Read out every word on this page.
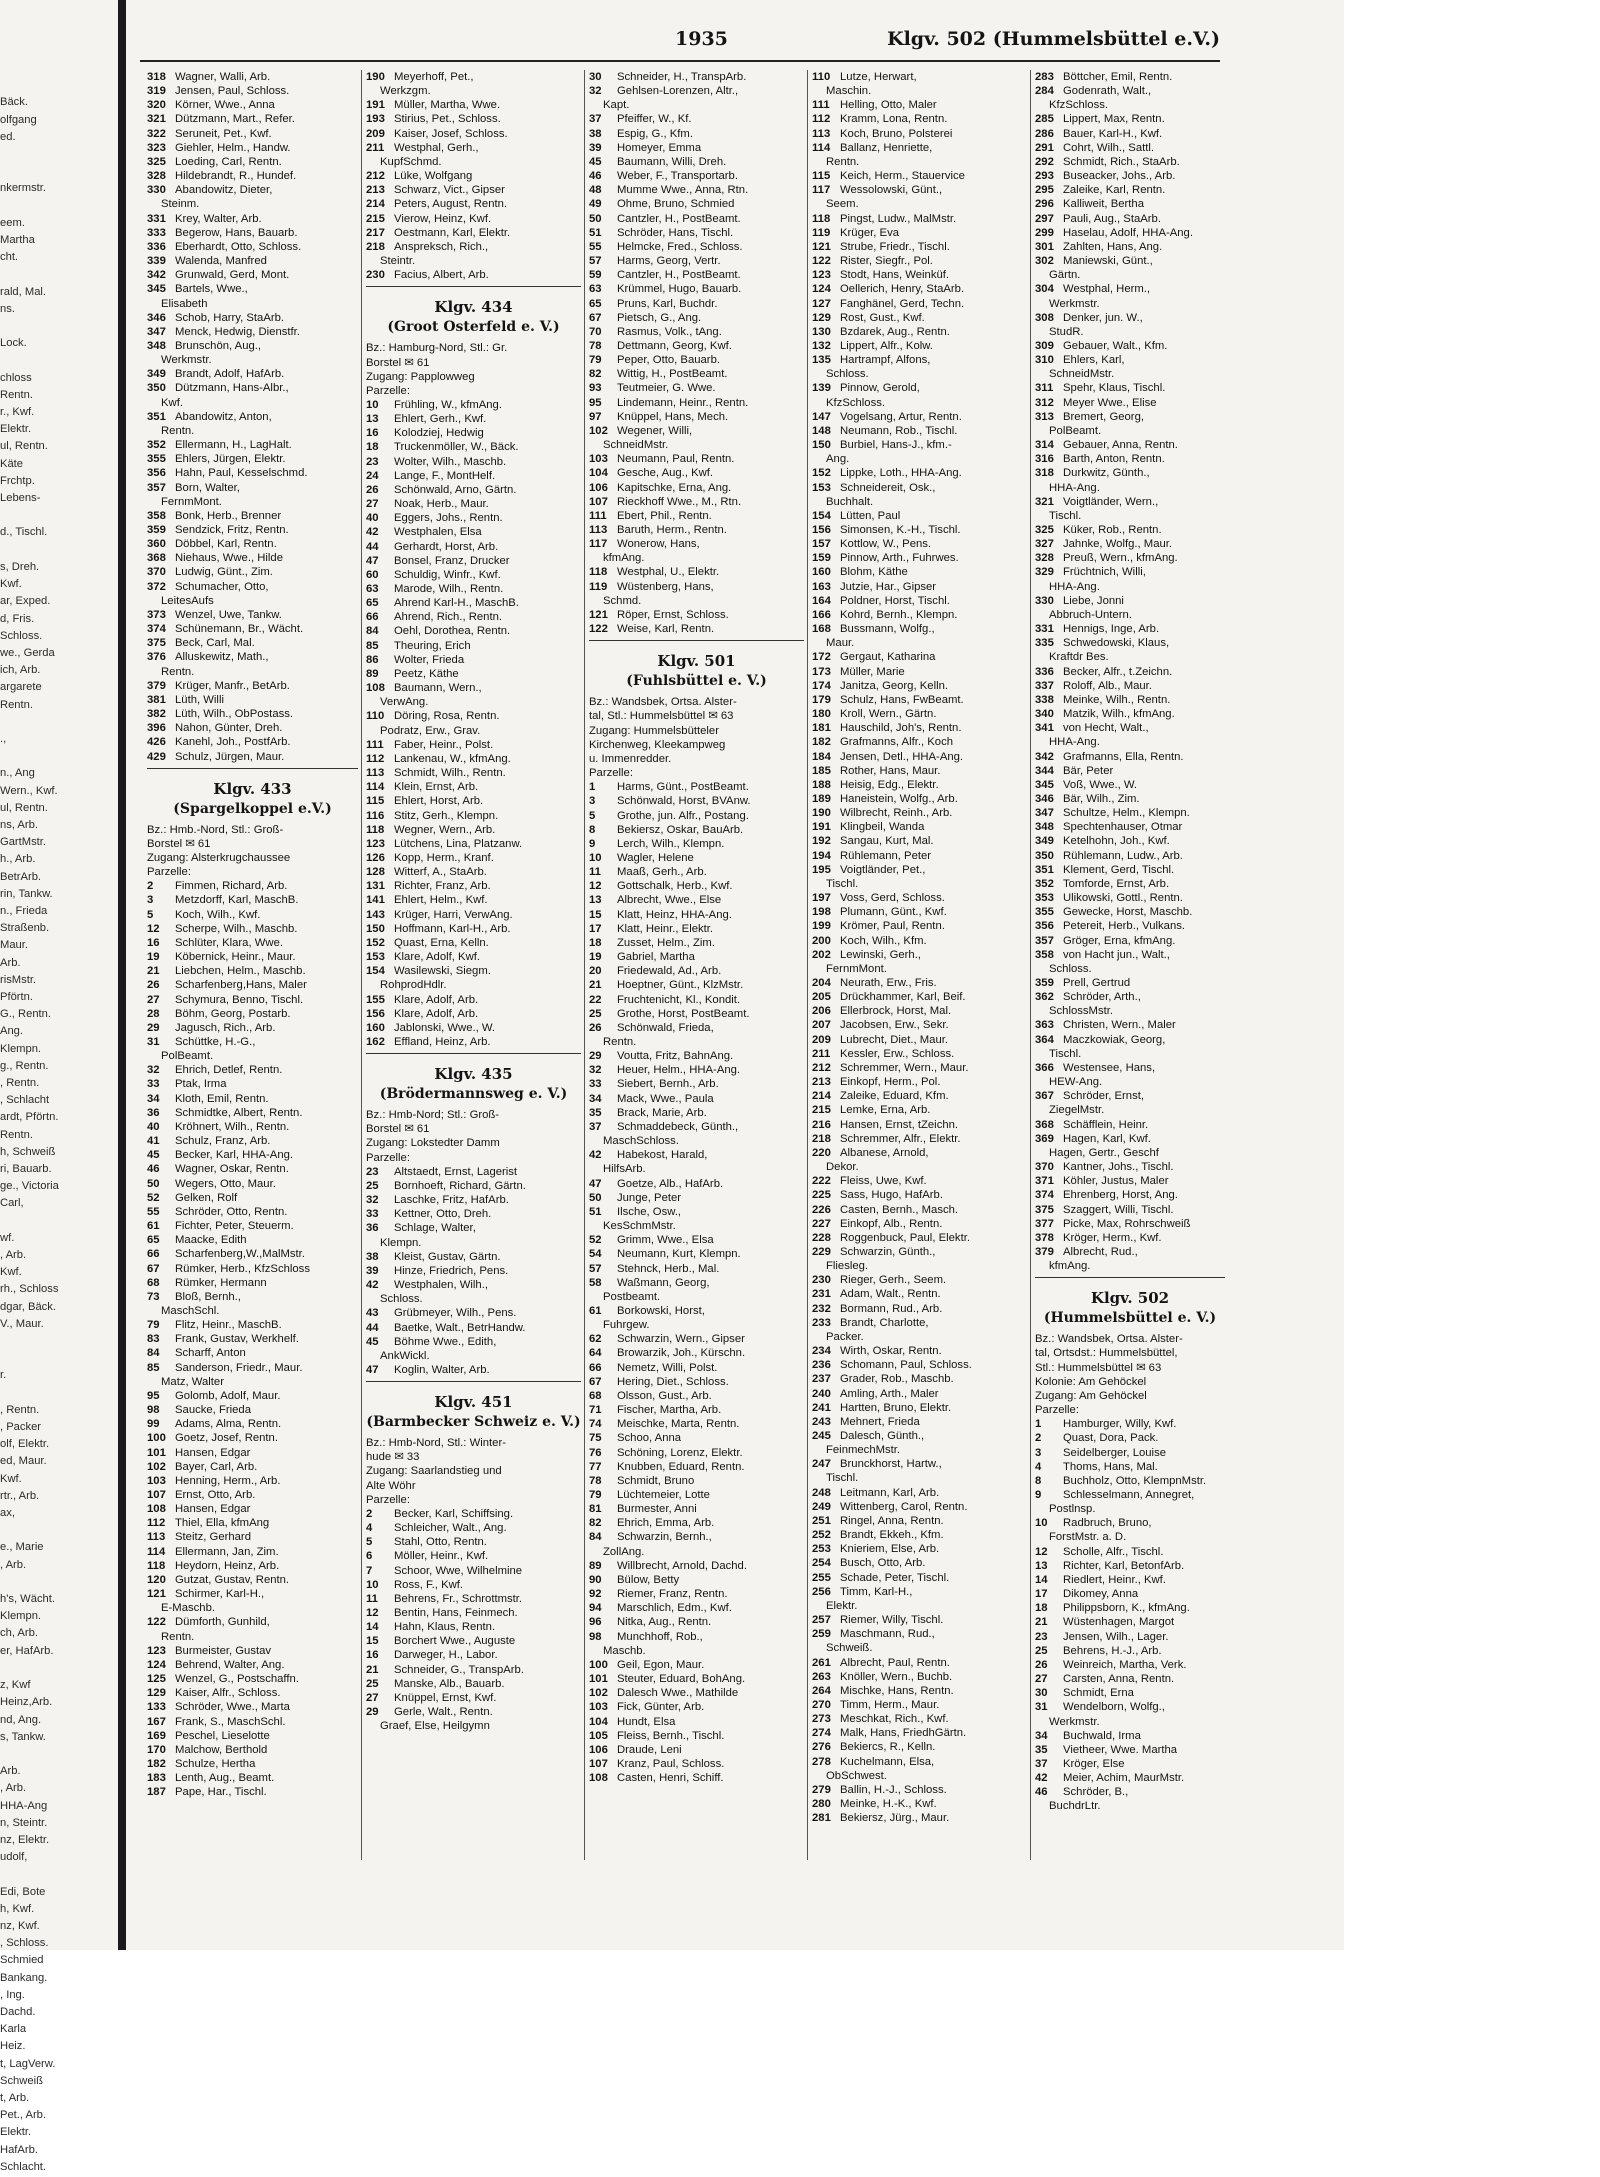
Bäck.
olfgang
ed.

nkermstr.

eem.
Martha
cht.

rald, Mal.
ns.

Lock.

chloss
Rentn.
r., Kwf.
Elektr.
ul, Rentn.
Käte
Frchtp.
Lebens-

d., Tischl.

s, Dreh.
Kwf.
ar, Exped.
d, Fris.
Schloss.
we., Gerda
ich, Arb.
argarete
Rentn.

.,

n., Ang
Wern., Kwf.
ul, Rentn.
ns, Arb.
GartMstr.
h., Arb.
BetrArb.
rin, Tankw.
n., Frieda
Straßenb.
Maur.
Arb.
risMstr.
Pförtn.
G., Rentn.
Ang.
Klempn.
g., Rentn.
, Rentn.
, Schlacht
ardt, Pförtn.
Rentn.
h, Schweiß
ri, Bauarb.
ge., Victoria
Carl,

wf.
, Arb.
Kwf.
rh., Schloss
dgar, Bäck.
V., Maur.

r.

, Rentn.
, Packer
olf, Elektr.
ed, Maur.
Kwf.
rtr., Arb.
ax,

e., Marie
, Arb.

h's, Wächt.
Klempn.
ch, Arb.
er, HafArb.

z, Kwf
Heinz,Arb.
nd, Ang.
s, Tankw.

Arb.
, Arb.
HHA-Ang
n, Steintr.
nz, Elektr.
udolf,

Edi, Bote
h, Kwf.
nz, Kwf.
, Schloss.
Schmied
Bankang.
, Ing.
Dachd.
Karla
Heiz.
t, LagVerw.
Schweiß
t, Arb.
Pet., Arb.
Elektr.
HafArb.
Schlacht.
1935	Klgv. 502 (Hummelsbüttel e.V.)
318 Wagner, Walli, Arb.
319 Jensen, Paul, Schloss.
320 Körner, Wwe., Anna
321 Dützmann, Mart., Refer.
322 Seruneit, Pet., Kwf.
323 Giehler, Helm., Handw.
325 Loeding, Carl, Rentn.
328 Hildebrandt, R., Hundef.
330 Abandowitz, Dieter,
Steinm.
331 Krey, Walter, Arb.
333 Begerow, Hans, Bauarb.
336 Eberhardt, Otto, Schloss.
339 Walenda, Manfred
342 Grunwald, Gerd, Mont.
345 Bartels, Wwe.,
Elisabeth
346 Schob, Harry, StaArb.
347 Menck, Hedwig, Dienstfr.
348 Brunschön, Aug.,
Werkmstr.
349 Brandt, Adolf, HafArb.
350 Dützmann, Hans-Albr.,
Kwf.
351 Abandowitz, Anton,
Rentn.
352 Ellermann, H., LagHalt.
355 Ehlers, Jürgen, Elektr.
356 Hahn, Paul, Kesselschmd.
357 Born, Walter,
FernmMont.
358 Bonk, Herb., Brenner
359 Sendzick, Fritz, Rentn.
360 Döbbel, Karl, Rentn.
368 Niehaus, Wwe., Hilde
370 Ludwig, Günt., Zim.
372 Schumacher, Otto,
LeitesAufs
373 Wenzel, Uwe, Tankw.
374 Schünemann, Br., Wächt.
375 Beck, Carl, Mal.
376 Alluskewitz, Math.,
Rentn.
379 Krüger, Manfr., BetArb.
381 Lüth, Willi
382 Lüth, Wilh., ObPostass.
396 Nahon, Günter, Dreh.
426 Kanehl, Joh., PostfArb.
429 Schulz, Jürgen, Maur.
Klgv. 433
(Spargelkoppel e.V.)
Bz.: Hmb.-Nord, Stl.: Groß-
Borstel ✉ 61
Zugang: Alsterkrugchaussee
Parzelle:
2 Fimmen, Richard, Arb.
3 Metzdorff, Karl, MaschB.
5 Koch, Wilh., Kwf.
12 Scherpe, Wilh., Maschb.
16 Schlüter, Klara, Wwe.
19 Köbernick, Heinr., Maur.
21 Liebchen, Helm., Maschb.
26 Scharfenberg,Hans, Maler
27 Schymura, Benno, Tischl.
28 Böhm, Georg, Postarb.
29 Jagusch, Rich., Arb.
31 Schüttke, H.-G.,
PolBeamt.
32 Ehrich, Detlef, Rentn.
33 Ptak, Irma
34 Kloth, Emil, Rentn.
36 Schmidtke, Albert, Rentn.
40 Kröhnert, Wilh., Rentn.
41 Schulz, Franz, Arb.
45 Becker, Karl, HHA-Ang.
46 Wagner, Oskar, Rentn.
50 Wegers, Otto, Maur.
52 Gelken, Rolf
55 Schröder, Otto, Rentn.
61 Fichter, Peter, Steuerm.
65 Maacke, Edith
66 Scharfenberg,W.,MalMstr.
67 Rümker, Herb., KfzSchloss
68 Rümker, Hermann
73 Bloß, Bernh.,
MaschSchl.
79 Flitz, Heinr., MaschB.
83 Frank, Gustav, Werkhelf.
84 Scharff, Anton
85 Sanderson, Friedr., Maur.
Matz, Walter
95 Golomb, Adolf, Maur.
98 Saucke, Frieda
99 Adams, Alma, Rentn.
100 Goetz, Josef, Rentn.
101 Hansen, Edgar
102 Bayer, Carl, Arb.
103 Henning, Herm., Arb.
107 Ernst, Otto, Arb.
108 Hansen, Edgar
112 Thiel, Ella, kfmAng
113 Steitz, Gerhard
114 Ellermann, Jan, Zim.
118 Heydorn, Heinz, Arb.
120 Gutzat, Gustav, Rentn.
121 Schirmer, Karl-H.,
E-Maschb.
122 Dümforth, Gunhild,
Rentn.
123 Burmeister, Gustav
124 Behrend, Walter, Ang.
125 Wenzel, G., Postschaffn.
129 Kaiser, Alfr., Schloss.
133 Schröder, Wwe., Marta
167 Frank, S., MaschSchl.
169 Peschel, Lieselotte
170 Malchow, Berthold
182 Schulze, Hertha
183 Lenth, Aug., Beamt.
187 Pape, Har., Tischl.
190 Meyerhoff, Pet.,
Werkzgm.
191 Müller, Martha, Wwe.
193 Stirius, Pet., Schloss.
209 Kaiser, Josef, Schloss.
211 Westphal, Gerh.,
KupfSchmd.
212 Lüke, Wolfgang
213 Schwarz, Vict., Gipser
214 Peters, August, Rentn.
215 Vierow, Heinz, Kwf.
217 Oestmann, Karl, Elektr.
218 Anspreksch, Rich.,
Steintr.
230 Facius, Albert, Arb.
Klgv. 434
(Groot Osterfeld e. V.)
Bz.: Hamburg-Nord, Stl.: Gr.
Borstel ✉ 61
Zugang: Papplowweg
Parzelle:
10 Frühling, W., kfmAng.
13 Ehlert, Gerh., Kwf.
16 Kolodziej, Hedwig
18 Truckenmöller, W., Bäck.
23 Wolter, Wilh., Maschb.
24 Lange, F., MontHelf.
26 Schönwald, Arno, Gärtn.
27 Noak, Herb., Maur.
40 Eggers, Johs., Rentn.
42 Westphalen, Elsa
44 Gerhardt, Horst, Arb.
47 Bonsel, Franz, Drucker
60 Schuldig, Winfr., Kwf.
63 Marode, Wilh., Rentn.
65 Ahrend Karl-H., MaschB.
66 Ahrend, Rich., Rentn.
84 Oehl, Dorothea, Rentn.
85 Theuring, Erich
86 Wolter, Frieda
89 Peetz, Käthe
108 Baumann, Wern.,
VerwAng.
110 Döring, Rosa, Rentn.
Podratz, Erw., Grav.
111 Faber, Heinr., Polst.
112 Lankenau, W., kfmAng.
113 Schmidt, Wilh., Rentn.
114 Klein, Ernst, Arb.
115 Ehlert, Horst, Arb.
116 Stitz, Gerh., Klempn.
118 Wegner, Wern., Arb.
123 Lütchens, Lina, Platzanw.
126 Kopp, Herm., Kranf.
128 Witterf, A., StaArb.
131 Richter, Franz, Arb.
141 Ehlert, Helm., Kwf.
143 Krüger, Harri, VerwAng.
150 Hoffmann, Karl-H., Arb.
152 Quast, Erna, Kelln.
153 Klare, Adolf, Kwf.
154 Wasilewski, Siegm.
RohprodHdlr.
155 Klare, Adolf, Arb.
156 Klare, Adolf, Arb.
160 Jablonski, Wwe., W.
162 Effland, Heinz, Arb.
Klgv. 435
(Brödermannsweg e. V.)
Bz.: Hmb-Nord; Stl.: Groß-
Borstel ✉ 61
Zugang: Lokstedter Damm
Parzelle:
23 Altstaedt, Ernst, Lagerist
25 Bornhoeft, Richard, Gärtn.
32 Laschke, Fritz, HafArb.
33 Kettner, Otto, Dreh.
36 Schlage, Walter,
Klempn.
38 Kleist, Gustav, Gärtn.
39 Hinze, Friedrich, Pens.
42 Westphalen, Wilh.,
Schloss.
43 Grübmeyer, Wilh., Pens.
44 Baetke, Walt., BetrHandw.
45 Böhme Wwe., Edith,
AnkWickl.
47 Koglin, Walter, Arb.
Klgv. 451
(Barmbecker Schweiz e. V.)
Bz.: Hmb-Nord, Stl.: Winter-
hude ✉ 33
Zugang: Saarlandstieg und
Alte Wöhr
Parzelle:
2 Becker, Karl, Schiffsing.
4 Schleicher, Walt., Ang.
5 Stahl, Otto, Rentn.
6 Möller, Heinr., Kwf.
7 Schoor, Wwe, Wilhelmine
10 Ross, F., Kwf.
11 Behrens, Fr., Schrottmstr.
12 Bentin, Hans, Feinmech.
14 Hahn, Klaus, Rentn.
15 Borchert Wwe., Auguste
16 Darweger, H., Labor.
21 Schneider, G., TranspArb.
25 Manske, Alb., Bauarb.
27 Knüppel, Ernst, Kwf.
29 Gerle, Walt., Rentn.
Graef, Else, Heilgymn
30 Schneider, H., TranspArb.
32 Gehlsen-Lorenzen, Altr.,
Kapt.
37 Pfeiffer, W., Kf.
38 Espig, G., Kfm.
39 Homeyer, Emma
45 Baumann, Willi, Dreh.
46 Weber, F., Transportarb.
48 Mumme Wwe., Anna, Rtn.
49 Ohme, Bruno, Schmied
50 Cantzler, H., PostBeamt.
51 Schröder, Hans, Tischl.
55 Helmcke, Fred., Schloss.
57 Harms, Georg, Vertr.
59 Cantzler, H., PostBeamt.
63 Krümmel, Hugo, Bauarb.
65 Pruns, Karl, Buchdr.
67 Pietsch, G., Ang.
70 Rasmus, Volk., tAng.
78 Dettmann, Georg, Kwf.
79 Peper, Otto, Bauarb.
82 Wittig, H., PostBeamt.
93 Teutmeier, G. Wwe.
95 Lindemann, Heinr., Rentn.
97 Knüppel, Hans, Mech.
102 Wegener, Willi,
SchneidMstr.
103 Neumann, Paul, Rentn.
104 Gesche, Aug., Kwf.
106 Kapitschke, Erna, Ang.
107 Rieckhoff Wwe., M., Rtn.
111 Ebert, Phil., Rentn.
113 Baruth, Herm., Rentn.
117 Wonerow, Hans,
kfmAng.
118 Westphal, U., Elektr.
119 Wüstenberg, Hans,
Schmd.
121 Röper, Ernst, Schloss.
122 Weise, Karl, Rentn.
Klgv. 501
(Fuhlsbüttel e. V.)
Bz.: Wandsbek, Ortsa. Alster-
tal, Stl.: Hummelsbüttel ✉ 63
Zugang: Hummelsbütteler
Kirchenweg, Kleekampweg
u. Immenredder.
Parzelle:
1 Harms, Günt., PostBeamt.
3 Schönwald, Horst, BVAnw.
5 Grothe, jun. Alfr., Postang.
8 Bekiersz, Oskar, BauArb.
9 Lerch, Wilh., Klempn.
10 Wagler, Helene
11 Maaß, Gerh., Arb.
12 Gottschalk, Herb., Kwf.
13 Albrecht, Wwe., Else
15 Klatt, Heinz, HHA-Ang.
17 Klatt, Heinr., Elektr.
18 Zusset, Helm., Zim.
19 Gabriel, Martha
20 Friedewald, Ad., Arb.
21 Hoeptner, Günt., KlzMstr.
22 Fruchtenicht, Kl., Kondit.
25 Grothe, Horst, PostBeamt.
26 Schönwald, Frieda,
Rentn.
29 Voutta, Fritz, BahnAng.
32 Heuer, Helm., HHA-Ang.
33 Siebert, Bernh., Arb.
34 Mack, Wwe., Paula
35 Brack, Marie, Arb.
37 Schmaddebeck, Günth.,
MaschSchloss.
42 Habekost, Harald,
HilfsArb.
47 Goetze, Alb., HafArb.
50 Junge, Peter
51 Ilsche, Osw.,
KesSchmMstr.
52 Grimm, Wwe., Elsa
54 Neumann, Kurt, Klempn.
57 Stehnck, Herb., Mal.
58 Waßmann, Georg,
Postbeamt.
61 Borkowski, Horst,
Fuhrgew.
62 Schwarzin, Wern., Gipser
64 Browarzik, Joh., Kürschn.
66 Nemetz, Willi, Polst.
67 Hering, Diet., Schloss.
68 Olsson, Gust., Arb.
71 Fischer, Martha, Arb.
74 Meischke, Marta, Rentn.
75 Schoo, Anna
76 Schöning, Lorenz, Elektr.
77 Knubben, Eduard, Rentn.
78 Schmidt, Bruno
79 Lüchtemeier, Lotte
81 Burmester, Anni
82 Ehrich, Emma, Arb.
84 Schwarzin, Bernh.,
ZollAng.
89 Willbrecht, Arnold, Dachd.
90 Bülow, Betty
92 Riemer, Franz, Rentn.
94 Marschlich, Edm., Kwf.
96 Nitka, Aug., Rentn.
98 Munchhoff, Rob.,
Maschb.
100 Geil, Egon, Maur.
101 Steuter, Eduard, BohAng.
102 Dalesch Wwe., Mathilde
103 Fick, Günter, Arb.
104 Hundt, Elsa
105 Fleiss, Bernh., Tischl.
106 Draude, Leni
107 Kranz, Paul, Schloss.
108 Casten, Henri, Schiff.
110 Lutze, Herwart,
Maschin.
111 Helling, Otto, Maler
112 Kramm, Lona, Rentn.
113 Koch, Bruno, Polsterei
114 Ballanz, Henriette,
Rentn.
115 Keich, Herm., Stauervice
117 Wessolowski, Günt.,
Seem.
118 Pingst, Ludw., MalMstr.
119 Krüger, Eva
121 Strube, Friedr., Tischl.
122 Rister, Siegfr., Pol.
123 Stodt, Hans, Weinküf.
124 Oellerich, Henry, StaArb.
127 Fanghänel, Gerd, Techn.
129 Rost, Gust., Kwf.
130 Bzdarek, Aug., Rentn.
132 Lippert, Alfr., Kolw.
135 Hartrampf, Alfons,
Schloss.
139 Pinnow, Gerold,
KfzSchloss.
147 Vogelsang, Artur, Rentn.
148 Neumann, Rob., Tischl.
150 Burbiel, Hans-J., kfm.-
Ang.
152 Lippke, Loth., HHA-Ang.
153 Schneidereit, Osk.,
Buchhalt.
154 Lütten, Paul
156 Simonsen, K.-H., Tischl.
157 Kottlow, W., Pens.
159 Pinnow, Arth., Fuhrwes.
160 Blohm, Käthe
163 Jutzie, Har., Gipser
164 Poldner, Horst, Tischl.
166 Kohrd, Bernh., Klempn.
168 Bussmann, Wolfg.,
Maur.
172 Gergaut, Katharina
173 Müller, Marie
174 Janitza, Georg, Kelln.
179 Schulz, Hans, FwBeamt.
180 Kroll, Wern., Gärtn.
181 Hauschild, Joh's, Rentn.
182 Grafmanns, Alfr., Koch
184 Jensen, Detl., HHA-Ang.
185 Rother, Hans, Maur.
188 Heisig, Edg., Elektr.
189 Haneistein, Wolfg., Arb.
190 Wilbrecht, Reinh., Arb.
191 Klingbeil, Wanda
192 Sangau, Kurt, Mal.
194 Rühlemann, Peter
195 Voigtländer, Pet.,
Tischl.
197 Voss, Gerd, Schloss.
198 Plumann, Günt., Kwf.
199 Krömer, Paul, Rentn.
200 Koch, Wilh., Kfm.
202 Lewinski, Gerh.,
FernmMont.
204 Neurath, Erw., Fris.
205 Drückhammer, Karl, Beif.
206 Ellerbrock, Horst, Mal.
207 Jacobsen, Erw., Sekr.
209 Lubrecht, Diet., Maur.
211 Kessler, Erw., Schloss.
212 Schremmer, Wern., Maur.
213 Einkopf, Herm., Pol.
214 Zaleike, Eduard, Kfm.
215 Lemke, Erna, Arb.
216 Hansen, Ernst, tZeichn.
218 Schremmer, Alfr., Elektr.
220 Albanese, Arnold,
Dekor.
222 Fleiss, Uwe, Kwf.
225 Sass, Hugo, HafArb.
226 Casten, Bernh., Masch.
227 Einkopf, Alb., Rentn.
228 Roggenbuck, Paul, Elektr.
229 Schwarzin, Günth.,
Fliesleg.
230 Rieger, Gerh., Seem.
231 Adam, Walt., Rentn.
232 Bormann, Rud., Arb.
233 Brandt, Charlotte,
Packer.
234 Wirth, Oskar, Rentn.
236 Schomann, Paul, Schloss.
237 Grader, Rob., Maschb.
240 Amling, Arth., Maler
241 Hartten, Bruno, Elektr.
243 Mehnert, Frieda
245 Dalesch, Günth.,
FeinmechMstr.
247 Brunckhorst, Hartw.,
Tischl.
248 Leitmann, Karl, Arb.
249 Wittenberg, Carol, Rentn.
251 Ringel, Anna, Rentn.
252 Brandt, Ekkeh., Kfm.
253 Knieriem, Else, Arb.
254 Busch, Otto, Arb.
255 Schade, Peter, Tischl.
256 Timm, Karl-H.,
Elektr.
257 Riemer, Willy, Tischl.
259 Maschmann, Rud.,
Schweiß.
261 Albrecht, Paul, Rentn.
263 Knöller, Wern., Buchb.
264 Mischke, Hans, Rentn.
270 Timm, Herm., Maur.
273 Meschkat, Rich., Kwf.
274 Malk, Hans, FriedhGärtn.
276 Bekiercs, R., Kelln.
278 Kuchelmann, Elsa,
ObSchwest.
279 Ballin, H.-J., Schloss.
280 Meinke, H.-K., Kwf.
281 Bekiersz, Jürg., Maur.
283 Böttcher, Emil, Rentn.
284 Godenrath, Walt.,
KfzSchloss.
285 Lippert, Max, Rentn.
286 Bauer, Karl-H., Kwf.
291 Cohrt, Wilh., Sattl.
292 Schmidt, Rich., StaArb.
293 Buseacker, Johs., Arb.
295 Zaleike, Karl, Rentn.
296 Kalliweit, Bertha
297 Pauli, Aug., StaArb.
299 Haselau, Adolf, HHA-Ang.
301 Zahlten, Hans, Ang.
302 Maniewski, Günt.,
Gärtn.
304 Westphal, Herm.,
Werkmstr.
308 Denker, jun. W.,
StudR.
309 Gebauer, Walt., Kfm.
310 Ehlers, Karl,
SchneidMstr.
311 Spehr, Klaus, Tischl.
312 Meyer Wwe., Elise
313 Bremert, Georg,
PolBeamt.
314 Gebauer, Anna, Rentn.
316 Barth, Anton, Rentn.
318 Durkwitz, Günth.,
HHA-Ang.
321 Voigtländer, Wern.,
Tischl.
325 Küker, Rob., Rentn.
327 Jahnke, Wolfg., Maur.
328 Preuß, Wern., kfmAng.
329 Früchtnich, Willi,
HHA-Ang.
330 Liebe, Jonni
Abbruch-Untern.
331 Hennigs, Inge, Arb.
335 Schwedowski, Klaus,
Kraftdr Bes.
336 Becker, Alfr., t.Zeichn.
337 Roloff, Alb., Maur.
338 Meinke, Wilh., Rentn.
340 Matzik, Wilh., kfmAng.
341 von Hecht, Walt.,
HHA-Ang.
342 Grafmanns, Ella, Rentn.
344 Bär, Peter
345 Voß, Wwe., W.
346 Bär, Wilh., Zim.
347 Schultze, Helm., Klempn.
348 Spechtenhauser, Otmar
349 Ketelhohn, Joh., Kwf.
350 Rühlemann, Ludw., Arb.
351 Klement, Gerd, Tischl.
352 Tomforde, Ernst, Arb.
353 Ulikowski, Gottl., Rentn.
355 Gewecke, Horst, Maschb.
356 Petereit, Herb., Vulkans.
357 Gröger, Erna, kfmAng.
358 von Hacht jun., Walt.,
Schloss.
359 Prell, Gertrud
362 Schröder, Arth.,
SchlossMstr.
363 Christen, Wern., Maler
364 Maczkowiak, Georg,
Tischl.
366 Westensee, Hans,
HEW-Ang.
367 Schröder, Ernst,
ZiegelMstr.
368 Schäfflein, Heinr.
369 Hagen, Karl, Kwf.
Hagen, Gertr., Geschf
370 Kantner, Johs., Tischl.
371 Köhler, Justus, Maler
374 Ehrenberg, Horst, Ang.
375 Szaggert, Willi, Tischl.
377 Picke, Max, Rohrschweiß
378 Kröger, Herm., Kwf.
379 Albrecht, Rud.,
kfmAng.
Klgv. 502
(Hummelsbüttel e. V.)
Bz.: Wandsbek, Ortsa. Alster-
tal, Ortsdst.: Hummelsbüttel,
Stl.: Hummelsbüttel ✉ 63
Kolonie: Am Gehöckel
Zugang: Am Gehöckel
Parzelle:
1 Hamburger, Willy, Kwf.
2 Quast, Dora, Pack.
3 Seidelberger, Louise
4 Thoms, Hans, Mal.
8 Buchholz, Otto, KlempnMstr.
9 Schlesselmann, Annegret,
Postlnsp.
10 Radbruch, Bruno,
ForstMstr. a. D.
12 Scholle, Alfr., Tischl.
13 Richter, Karl, BetonfArb.
14 Riedlert, Heinr., Kwf.
17 Dikomey, Anna
18 Philippsborn, K., kfmAng.
21 Wüstenhagen, Margot
23 Jensen, Wilh., Lager.
25 Behrens, H.-J., Arb.
26 Weinreich, Martha, Verk.
27 Carsten, Anna, Rentn.
30 Schmidt, Erna
31 Wendelborn, Wolfg.,
Werkmstr.
34 Buchwald, Irma
35 Vietheer, Wwe. Martha
37 Kröger, Else
42 Meier, Achim, MaurMstr.
46 Schröder, B.,
BuchdrLtr.
